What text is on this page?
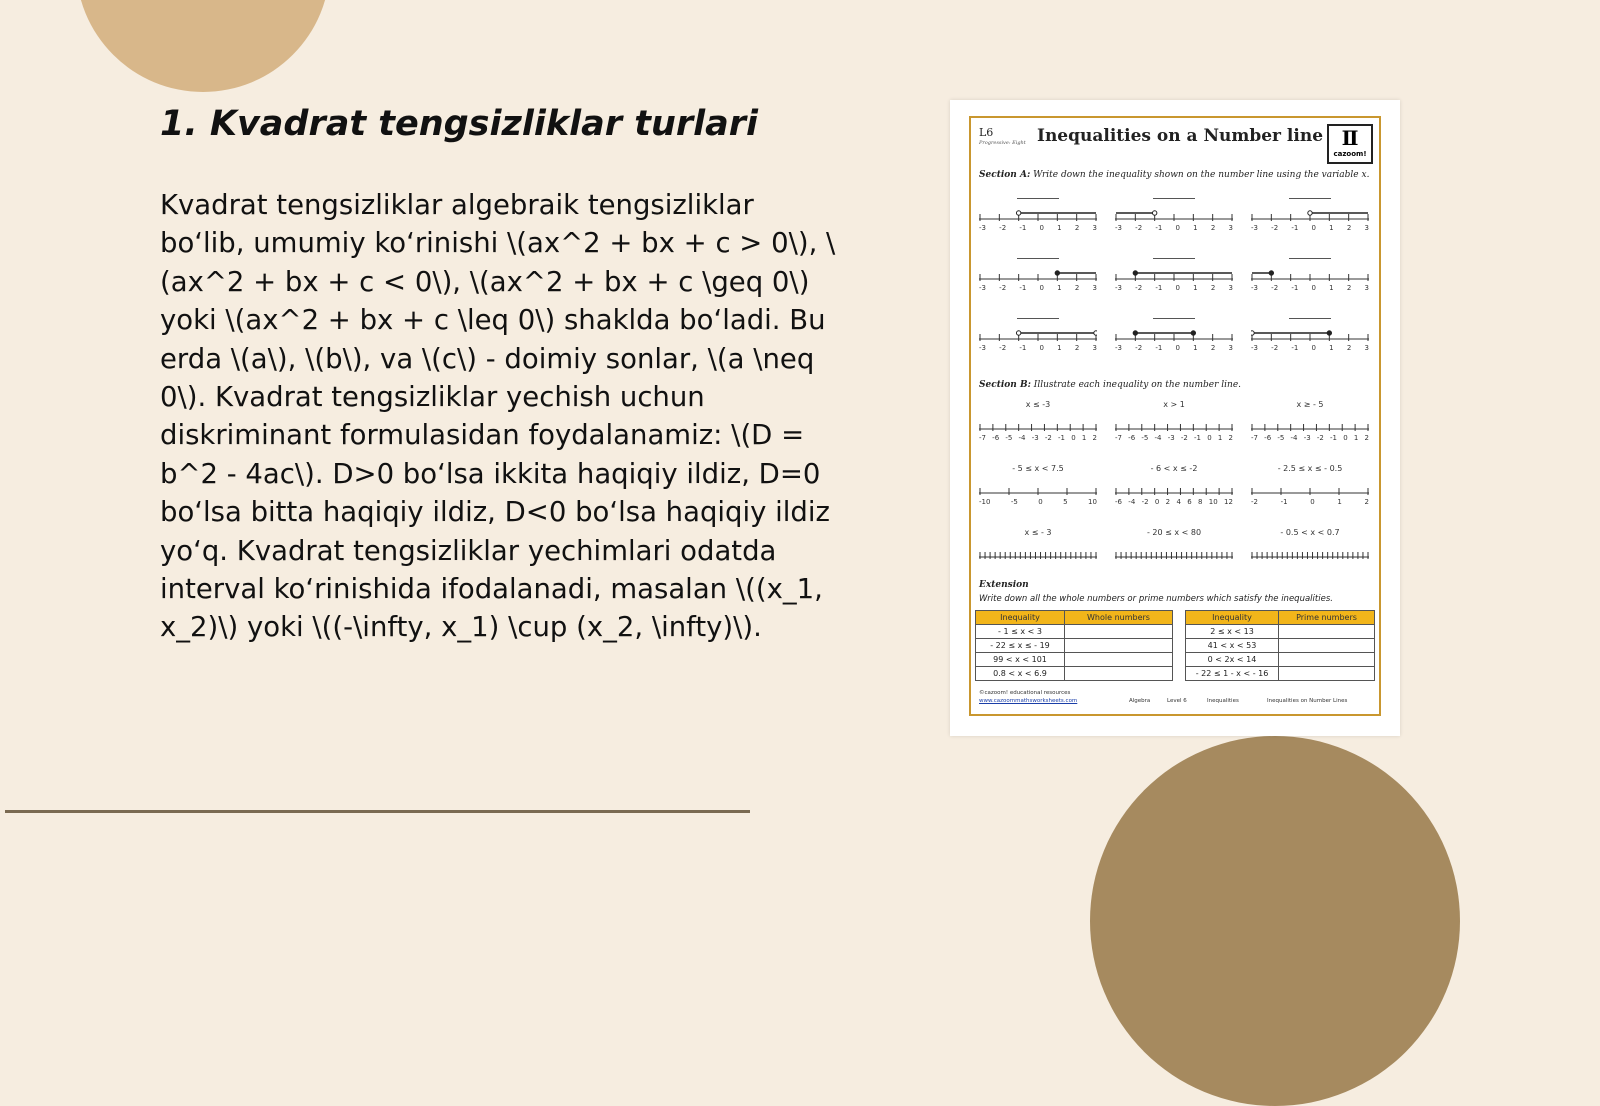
1. Kvadrat tengsizliklar turlari

Kvadrat tengsizliklar algebraik tengsizliklar bo‘lib, umumiy ko‘rinishi \(ax^2 + bx + c > 0\), \(ax^2 + bx + c < 0\), \(ax^2 + bx + c \geq 0\) yoki \(ax^2 + bx + c \leq 0\) shaklda bo‘ladi. Bu erda \(a\), \(b\), va \(c\) - doimiy sonlar, \(a \neq 0\). Kvadrat tengsizliklar yechish uchun diskriminant formulasidan foydalanamiz: \(D = b^2 - 4ac\). D>0 bo‘lsa ikkita haqiqiy ildiz, D=0 bo‘lsa bitta haqiqiy ildiz, D<0 bo‘lsa haqiqiy ildiz yo‘q. Kvadrat tengsizliklar yechimlari odatda interval ko‘rinishida ifodalanadi, masalan \((x_1, x_2)\) yoki \((-\infty, x_1) \cup (x_2, \infty)\).

L6
Progressive: Eight Inequalities on a Number line Ⅱ
cazoom!
Section A: Write down the inequality shown on the number line using the variable x.
-3 -2 -1 0 1 2 3	-3 -2 -1 0 1 2 3	-3 -2 -1 0 1 2 3
-3 -2 -1 0 1 2 3	-3 -2 -1 0 1 2 3	-3 -2 -1 0 1 2 3
-3 -2 -1 0 1 2 3	-3 -2 -1 0 1 2 3	-3 -2 -1 0 1 2 3
Section B: Illustrate each inequality on the number line.
x ≤ -3
-7 -6 -5 -4 -3 -2 -1 0 1 2
x > 1
-7 -6 -5 -4 -3 -2 -1 0 1 2
x ≥ - 5
-7 -6 -5 -4 -3 -2 -1 0 1 2
- 5 ≤ x < 7.5
-10	-5	0	5	10
- 6 < x ≤ -2
-6 -4 -2 0 2 4 6 8 10 12
- 2.5 ≤ x ≤ - 0.5
-2	-1	0	1	2
x ≤ - 3	- 20 ≤ x < 80	- 0.5 < x < 0.7
Extension
Write down all the whole numbers or prime numbers which satisfy the inequalities.
Inequality	Whole numbers
- 1 ≤ x < 3	
- 22 ≤ x ≤ - 19	
99 < x < 101	
0.8 < x < 6.9	
Inequality	Prime numbers
2 ≤ x < 13	
41 < x < 53	
0 < 2x < 14	
- 22 ≤ 1 - x < - 16	
©cazoom! educational resources
www.cazoommathsworksheets.com	Algebra	Level 6	Inequalities	Inequalities on Number Lines
